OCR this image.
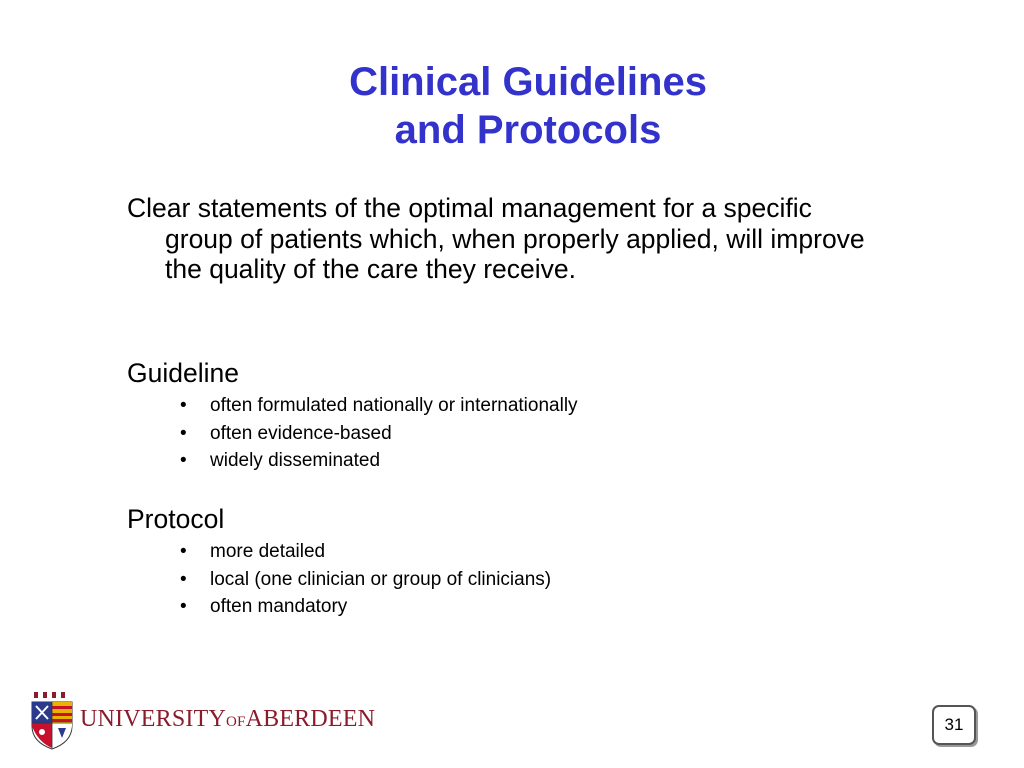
Clinical Guidelines
and Protocols

Clear statements of the optimal management for a specific group of patients which, when properly applied, will improve the quality of the care they receive.

Guideline
• often formulated nationally or internationally
• often evidence-based
• widely disseminated
Protocol
• more detailed
• local (one clinician or group of clinicians)
• often mandatory
UNIVERSITYOFABERDEEN	31
